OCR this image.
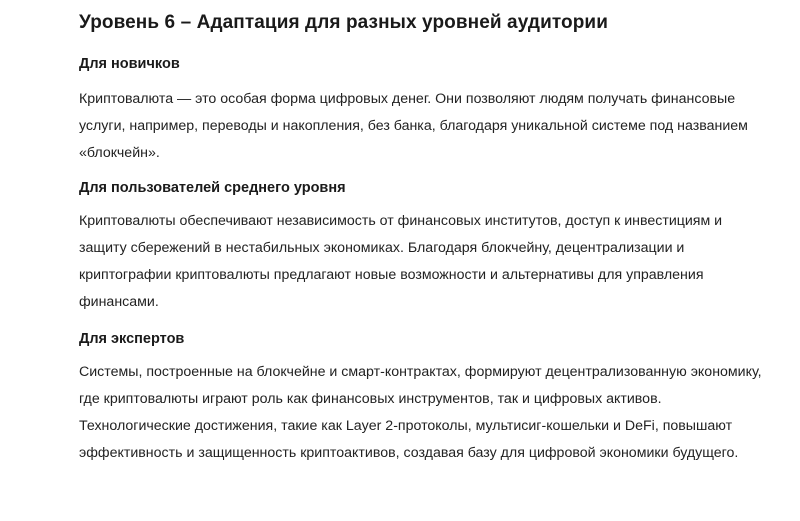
Уровень 6 – Адаптация для разных уровней аудитории
Для новичков

Криптовалюта — это особая форма цифровых денег. Они позволяют людям получать финансовые услуги, например, переводы и накопления, без банка, благодаря уникальной системе под названием «блокчейн».

Для пользователей среднего уровня

Криптовалюты обеспечивают независимость от финансовых институтов, доступ к инвестициям и защиту сбережений в нестабильных экономиках. Благодаря блокчейну, децентрализации и криптографии криптовалюты предлагают новые возможности и альтернативы для управления финансами.

Для экспертов

Системы, построенные на блокчейне и смарт-контрактах, формируют децентрализованную экономику, где криптовалюты играют роль как финансовых инструментов, так и цифровых активов. Технологические достижения, такие как Layer 2-протоколы, мультисиг-кошельки и DeFi, повышают эффективность и защищенность криптоактивов, создавая базу для цифровой экономики будущего.
